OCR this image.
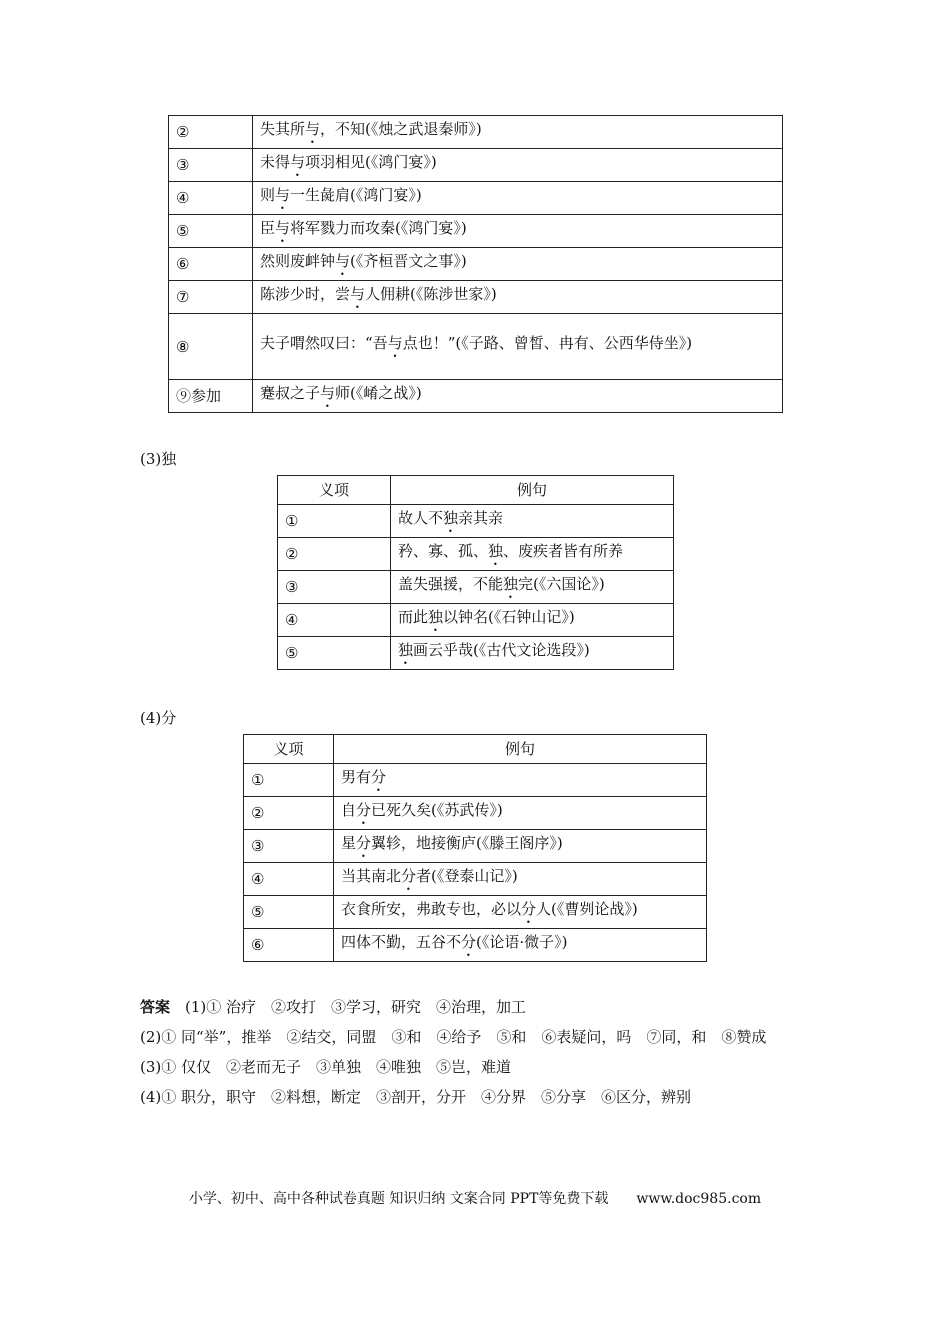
②	失其所与，不知(《烛之武退秦师》)
③	未得与项羽相见(《鸿门宴》)
④	则与一生彘肩(《鸿门宴》)
⑤	臣与将军戮力而攻秦(《鸿门宴》)
⑥	然则废衅钟与(《齐桓晋文之事》)
⑦	陈涉少时，尝与人佣耕(《陈涉世家》)
⑧	夫子喟然叹曰：“吾与点也！”(《子路、曾皙、冉有、公西华侍坐》)
⑨参加	蹇叔之子与师(《崤之战》)
(3)独
义项	例句
①	故人不独亲其亲
②	矜、寡、孤、独、废疾者皆有所养
③	盖失强援，不能独完(《六国论》)
④	而此独以钟名(《石钟山记》)
⑤	独画云乎哉(《古代文论选段》)
(4)分
义项	例句
①	男有分
②	自分已死久矣(《苏武传》)
③	星分翼轸，地接衡庐(《滕王阁序》)
④	当其南北分者(《登泰山记》)
⑤	衣食所安，弗敢专也，必以分人(《曹刿论战》)
⑥	四体不勤，五谷不分(《论语·微子》)

答案　 (1)① 治疗　②攻打　③学习，研究　④治理，加工

(2)① 同“举”，推举　②结交，同盟　③和　④给予　⑤和　⑥表疑问，吗　⑦同，和　⑧赞成

(3)① 仅仅　②老而无子　③单独　④唯独　⑤岂，难道

(4)① 职分，职守　②料想，断定　③剖开，分开　④分界　⑤分享　⑥区分，辨别

小学、初中、高中各种试卷真题 知识归纳 文案合同 PPT等免费下载　　 www.doc985.com
